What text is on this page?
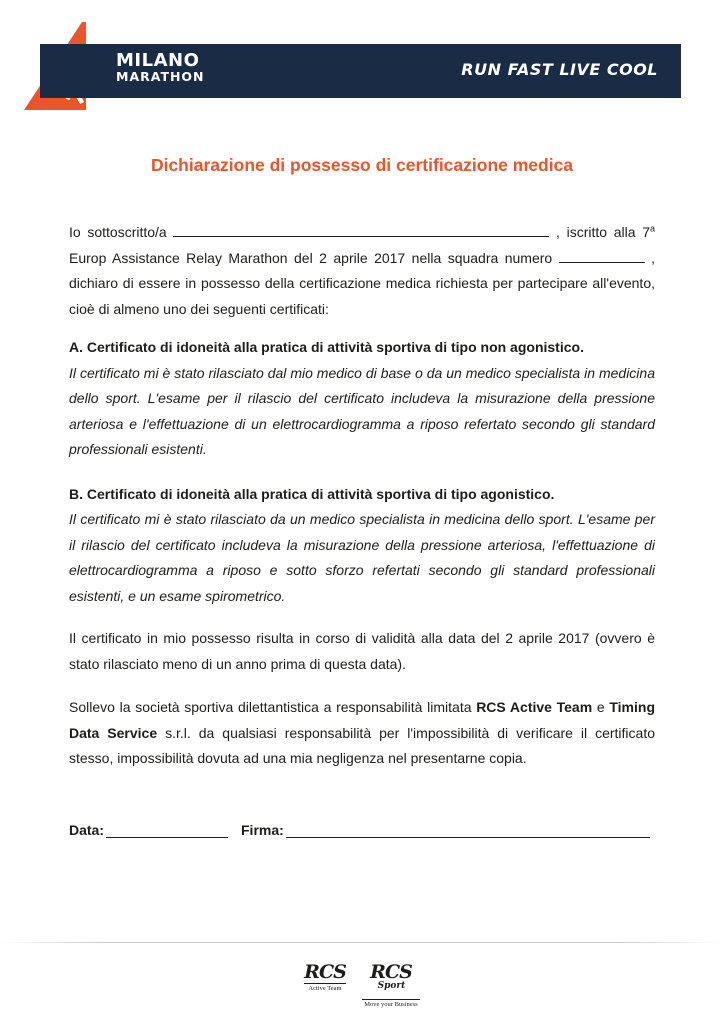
MILANO
MARATHON	RUN FAST LIVE COOL
Dichiarazione di possesso di certificazione medica

Io sottoscritto/a	, iscritto alla 7$^a$ Europ Assistance Relay Marathon del 2 aprile 2017 nella squadra numero	, dichiaro di essere in possesso della certificazione medica richiesta per partecipare all'evento, cioè di almeno uno dei seguenti certificati:

A. Certificato di idoneità alla pratica di attività sportiva di tipo non agonistico.

Il certificato mi è stato rilasciato dal mio medico di base o da un medico specialista in medicina dello sport. L'esame per il rilascio del certificato includeva la misurazione della pressione arteriosa e l'effettuazione di un elettrocardiogramma a riposo refertato secondo gli standard professionali esistenti.

B. Certificato di idoneità alla pratica di attività sportiva di tipo agonistico.

Il certificato mi è stato rilasciato da un medico specialista in medicina dello sport. L'esame per il rilascio del certificato includeva la misurazione della pressione arteriosa, l'effettuazione di elettrocardiogramma a riposo e sotto sforzo refertati secondo gli standard professionali esistenti, e un esame spirometrico.

Il certificato in mio possesso risulta in corso di validità alla data del 2 aprile 2017 (ovvero è stato rilasciato meno di un anno prima di questa data).

Sollevo la società sportiva dilettantistica a responsabilità limitata RCS Active Team e Timing Data Service s.r.l. da qualsiasi responsabilità per l'impossibilità di verificare il certificato stesso, impossibilità dovuta ad una mia negligenza nel presentarne copia.

Data:	Firma:
RCS
Active Team
$RCS^{Sport}$
Move your Business
